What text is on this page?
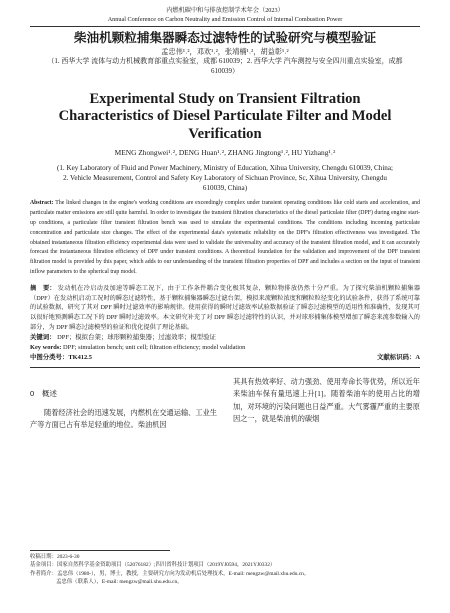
内燃机碳中和与排放控制学术年会（2023）
Annual Conference on Carbon Neutrality and Emission Control of Internal Combustion Power
柴油机颗粒捕集器瞬态过滤特性的试验研究与模型验证
孟忠伟¹˒²，邓欢¹˒²，张靖楠¹˒²，胡益彰¹˒²
（1. 西华大学 流体与动力机械教育部重点实验室，成都 610039；2. 西华大学 汽车测控与安全四川重点实验室，成都 610039）
Experimental Study on Transient Filtration Characteristics of Diesel Particulate Filter and Model Verification
MENG Zhongwei¹˒², DENG Huan¹˒², ZHANG Jingtong¹˒², HU Yizhang¹˒²
(1. Key Laboratory of Fluid and Power Machinery, Ministry of Education, Xihua University, Chengdu 610039, China; 2. Vehicle Measurement, Control and Safety Key Laboratory of Sichuan Province, Sc, Xihua University, Chengdu 610039, China)
Abstract: The linked changes in the engine's working conditions are exceedingly complex under transient operating conditions like cold starts and acceleration, and particulate matter emissions are still quite harmful. In order to investigate the transient filtration characteristics of the diesel particulate filter (DPF) during engine start-up conditions, a particulate filter transient filtration bench was used to simulate the experimental conditions. The conditions including incoming particulate concentration and particulate size changes. The effect of the experimental data's systematic reliability on the DPF's filtration effectiveness was investigated. The obtained instantaneous filtration efficiency experimental data were used to validate the universality and accuracy of the transient filtration model, and it can accurately forecast the instantaneous filtration efficiency of DPF under transient conditions. A theoretical foundation for the validation and improvement of the DPF transient filtration model is provided by this paper, which adds to our understanding of the transient filtration properties of DPF and includes a section on the input of transient inflow parameters to the spherical trap model.
摘　要： 发动机在冷启动及加速等瞬态工况下，由于工作条件耦合变化极其复杂，颗粒物排放仍然十分严重。为了探究柴油机颗粒捕集器（DPF）在发动机启动工况时的瞬态过滤特性，基于颗粒捕集器瞬态过滤台架，模拟来流颗粒浓度和颗粒粒径变化的试验条件，获得了系统可靠的试验数据，研究了其对 DPF 瞬时过滤效率的影响规律。使用获得的瞬时过滤效率试验数据验证了瞬态过滤模型的适用性和准确性，发现其可以很好地预测瞬态工况下的 DPF 瞬时过滤效率。本文研究补充了对 DPF 瞬态过滤特性的认识，并对球形捕集体模型增加了瞬态来流参数输入的部分，为 DPF 瞬态过滤模型的验证和优化提供了理论基础。
关键词： DPF；模拟台架；球形颗粒捕集器；过滤效率；模型验证
Key words: DPF; simulation bench; unit cell; filtration efficiency; model validation
中图分类号：TK412.5	文献标识码：A
0　概述

随着经济社会的迅速发展，内燃机在交通运输、工业生产等方面已占有举足轻重的地位。柴油机因

其具有热效率好、动力强劲、使用寿命长等优势，所以近年来柴油车保有量迅速上升[1]。随着柴油车的使用占比的增加，对环境的污染问题也日益严重。大气雾霾严重的主要原因之一，就是柴油机的碳烟

收稿日期：2023-6-30

基金项目：国家自然科学基金资助项目（52076182）;四川省科技计划项目（2019YJ0594，2021YJ0332）

作者简介：孟忠伟（1980-），男，博士，教授，主要研究方向为发动机后处理技术，E-mail: mengzw@mail.xhu.edu.cn。

孟忠伟（联系人），E-mail: mengzw@mail.xhu.edu.cn。
